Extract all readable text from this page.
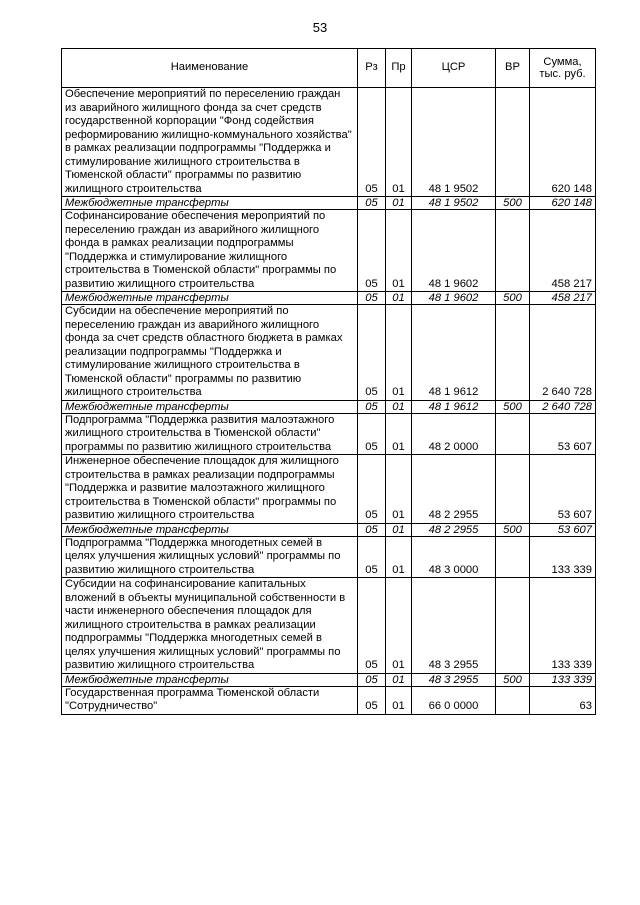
53
Наименование	Рз	Пр	ЦСР	ВР	Сумма, тыс. руб.
Обеспечение мероприятий по переселению граждан из аварийного жилищного фонда за счет средств государственной корпорации "Фонд содействия реформированию жилищно-коммунального хозяйства" в рамках реализации подпрограммы "Поддержка и стимулирование жилищного строительства в Тюменской области" программы по развитию жилищного строительства	05	01	48 1 9502		620 148
Межбюджетные трансферты	05	01	48 1 9502	500	620 148
Софинансирование обеспечения мероприятий по переселению граждан из аварийного жилищного фонда в рамках реализации подпрограммы "Поддержка и стимулирование жилищного строительства в Тюменской области" программы по развитию жилищного строительства	05	01	48 1 9602		458 217
Межбюджетные трансферты	05	01	48 1 9602	500	458 217
Субсидии на обеспечение мероприятий по переселению граждан из аварийного жилищного фонда за счет средств областного бюджета в рамках реализации подпрограммы "Поддержка и стимулирование жилищного строительства в Тюменской области" программы по развитию жилищного строительства	05	01	48 1 9612		2 640 728
Межбюджетные трансферты	05	01	48 1 9612	500	2 640 728
Подпрограмма "Поддержка развития малоэтажного жилищного строительства в Тюменской области" программы по развитию жилищного строительства	05	01	48 2 0000		53 607
Инженерное обеспечение площадок для жилищного строительства в рамках реализации подпрограммы "Поддержка и развитие малоэтажного жилищного строительства в Тюменской области" программы по развитию жилищного строительства	05	01	48 2 2955		53 607
Межбюджетные трансферты	05	01	48 2 2955	500	53 607
Подпрограмма "Поддержка многодетных семей в целях улучшения жилищных условий" программы по развитию жилищного строительства	05	01	48 3 0000		133 339
Субсидии на софинансирование капитальных вложений в объекты муниципальной собственности в части инженерного обеспечения площадок для жилищного строительства в рамках реализации подпрограммы "Поддержка многодетных семей в целях улучшения жилищных условий" программы по развитию жилищного строительства	05	01	48 3 2955		133 339
Межбюджетные трансферты	05	01	48 3 2955	500	133 339
Государственная программа Тюменской области "Сотрудничество"	05	01	66 0 0000		63
